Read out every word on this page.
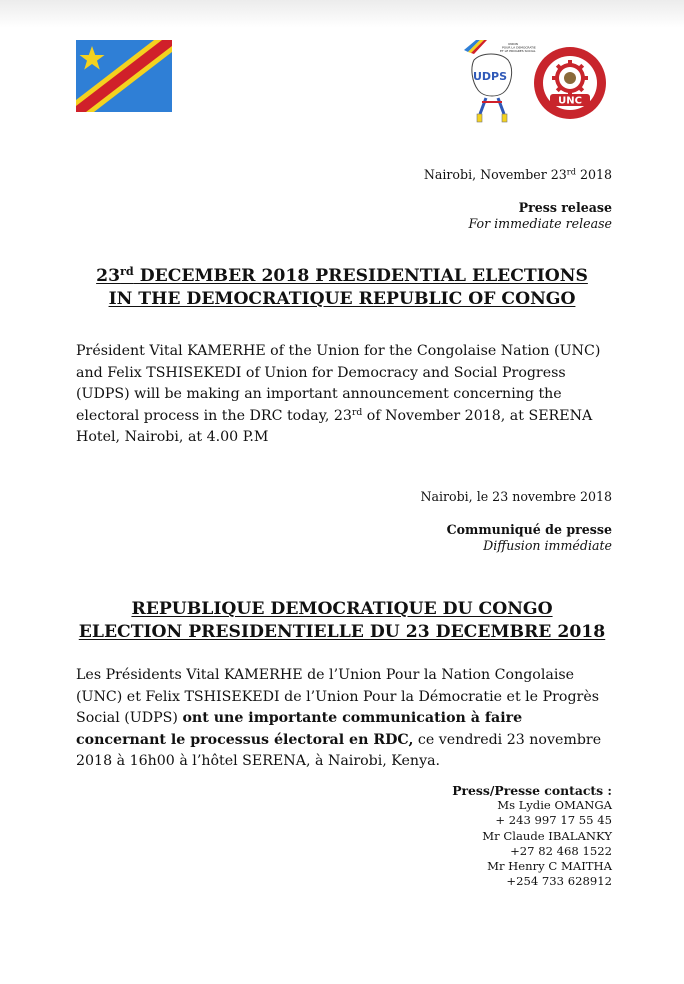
UDPS
UNION POUR LA DEMOCRATIE ET LE PROGRES SOCIAL
UNC
Nairobi, November 23rd 2018
Press release
For immediate release
23rd DECEMBER 2018 PRESIDENTIAL ELECTIONS
IN THE DEMOCRATIQUE REPUBLIC OF CONGO
Président Vital KAMERHE of the Union for the Congolaise Nation (UNC) and Felix TSHISEKEDI of Union for Democracy and Social Progress (UDPS) will be making an important announcement concerning the electoral process in the DRC today, 23rd of November 2018, at SERENA Hotel, Nairobi, at 4.00 P.M
Nairobi, le 23 novembre 2018
Communiqué de presse
Diffusion immédiate
REPUBLIQUE DEMOCRATIQUE DU CONGO
ELECTION PRESIDENTIELLE DU 23 DECEMBRE 2018
Les Présidents Vital KAMERHE de l’Union Pour la Nation Congolaise (UNC) et Felix TSHISEKEDI de l’Union Pour la Démocratie et le Progrès Social (UDPS) ont une importante communication à faire concernant le processus électoral en RDC, ce vendredi 23 novembre 2018 à 16h00 à l’hôtel SERENA, à Nairobi, Kenya.
Press/Presse contacts :
Ms Lydie OMANGA
+ 243 997 17 55 45
Mr Claude IBALANKY
+27 82 468 1522
Mr Henry C MAITHA
+254 733 628912
